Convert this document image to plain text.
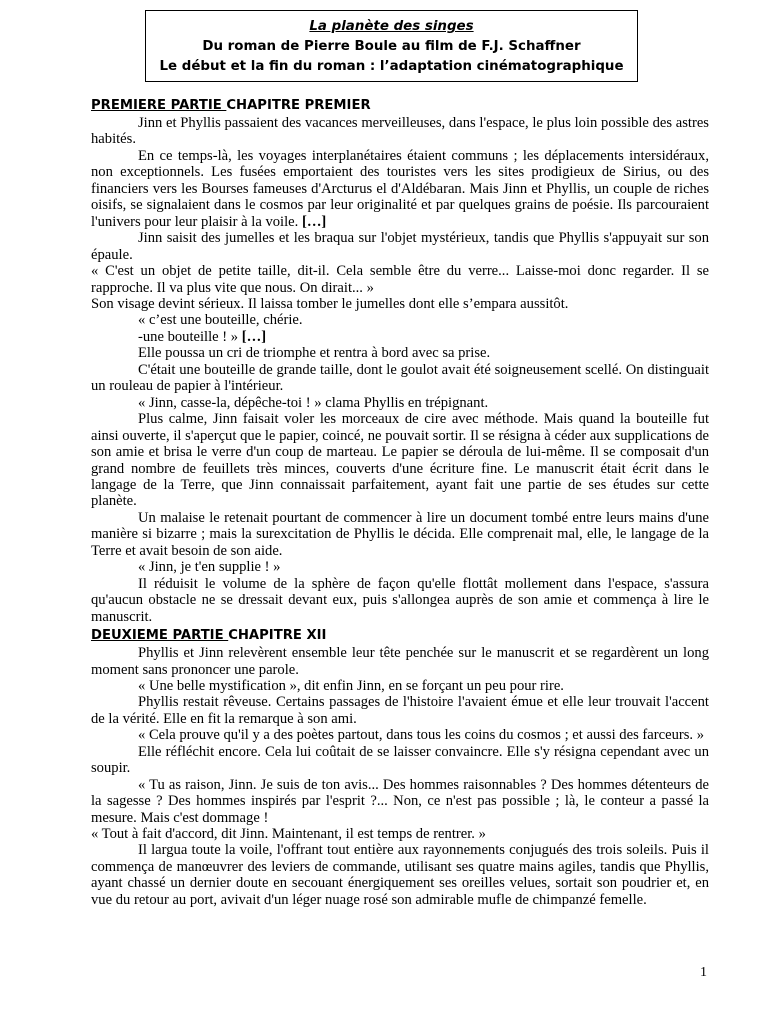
La planète des singes
Du roman de Pierre Boule au film de F.J. Schaffner
Le début et la fin du roman : l’adaptation cinématographique
PREMIERE PARTIE CHAPITRE PREMIER

Jinn et Phyllis passaient des vacances merveilleuses, dans l'espace, le plus loin possible des astres habités.

En ce temps-là, les voyages interplanétaires étaient communs ; les déplacements intersidéraux, non exceptionnels. Les fusées emportaient des touristes vers les sites prodigieux de Sirius, ou des financiers vers les Bourses fameuses d'Arcturus el d'Aldébaran. Mais Jinn et Phyllis, un couple de riches oisifs, se signalaient dans le cosmos par leur originalité et par quelques grains de poésie. Ils parcouraient l'univers pour leur plaisir à la voile. […]

Jinn saisit des jumelles et les braqua sur l'objet mystérieux, tandis que Phyllis s'appuyait sur son épaule.

« C'est un objet de petite taille, dit-il. Cela semble être du verre... Laisse-moi donc regarder. Il se rapproche. Il va plus vite que nous. On dirait... »

Son visage devint sérieux. Il laissa tomber le jumelles dont elle s’empara aussitôt.

« c’est une bouteille, chérie.

-une bouteille ! » […]

Elle poussa un cri de triomphe et rentra à bord avec sa prise.

C'était une bouteille de grande taille, dont le goulot avait été soigneusement scellé. On distinguait un rouleau de papier à l'intérieur.

« Jinn, casse-la, dépêche-toi ! » clama Phyllis en trépignant.

Plus calme, Jinn faisait voler les morceaux de cire avec méthode. Mais quand la bouteille fut ainsi ouverte, il s'aperçut que le papier, coincé, ne pouvait sortir. Il se résigna à céder aux supplications de son amie et brisa le verre d'un coup de marteau. Le papier se déroula de lui-même. Il se composait d'un grand nombre de feuillets très minces, couverts d'une écriture fine. Le manuscrit était écrit dans le langage de la Terre, que Jinn connaissait parfaitement, ayant fait une partie de ses études sur cette planète.

Un malaise le retenait pourtant de commencer à lire un document tombé entre leurs mains d'une manière si bizarre ; mais la surexcitation de Phyllis le décida. Elle comprenait mal, elle, le langage de la Terre et avait besoin de son aide.

« Jinn, je t'en supplie ! »

Il réduisit le volume de la sphère de façon qu'elle flottât mollement dans l'espace, s'assura qu'aucun obstacle ne se dressait devant eux, puis s'allongea auprès de son amie et commença à lire le manuscrit.

DEUXIEME PARTIE CHAPITRE XII

Phyllis et Jinn relevèrent ensemble leur tête penchée sur le manuscrit et se regardèrent un long moment sans prononcer une parole.

« Une belle mystification », dit enfin Jinn, en se forçant un peu pour rire.

Phyllis restait rêveuse. Certains passages de l'histoire l'avaient émue et elle leur trouvait l'accent de la vérité. Elle en fit la remarque à son ami.

« Cela prouve qu'il y a des poètes partout, dans tous les coins du cosmos ; et aussi des farceurs. »

Elle réfléchit encore. Cela lui coûtait de se laisser convaincre. Elle s'y résigna cependant avec un soupir.

« Tu as raison, Jinn. Je suis de ton avis... Des hommes raisonnables ? Des hommes détenteurs de la sagesse ? Des hommes inspirés par l'esprit ?... Non, ce n'est pas possible ; là, le conteur a passé la mesure. Mais c'est dommage !

« Tout à fait d'accord, dit Jinn. Maintenant, il est temps de rentrer. »

Il largua toute la voile, l'offrant tout entière aux rayonnements conjugués des trois soleils. Puis il commença de manœuvrer des leviers de commande, utilisant ses quatre mains agiles, tandis que Phyllis, ayant chassé un dernier doute en secouant énergiquement ses oreilles velues, sortait son poudrier et, en vue du retour au port, avivait d'un léger nuage rosé son admirable mufle de chimpanzé femelle.

1
